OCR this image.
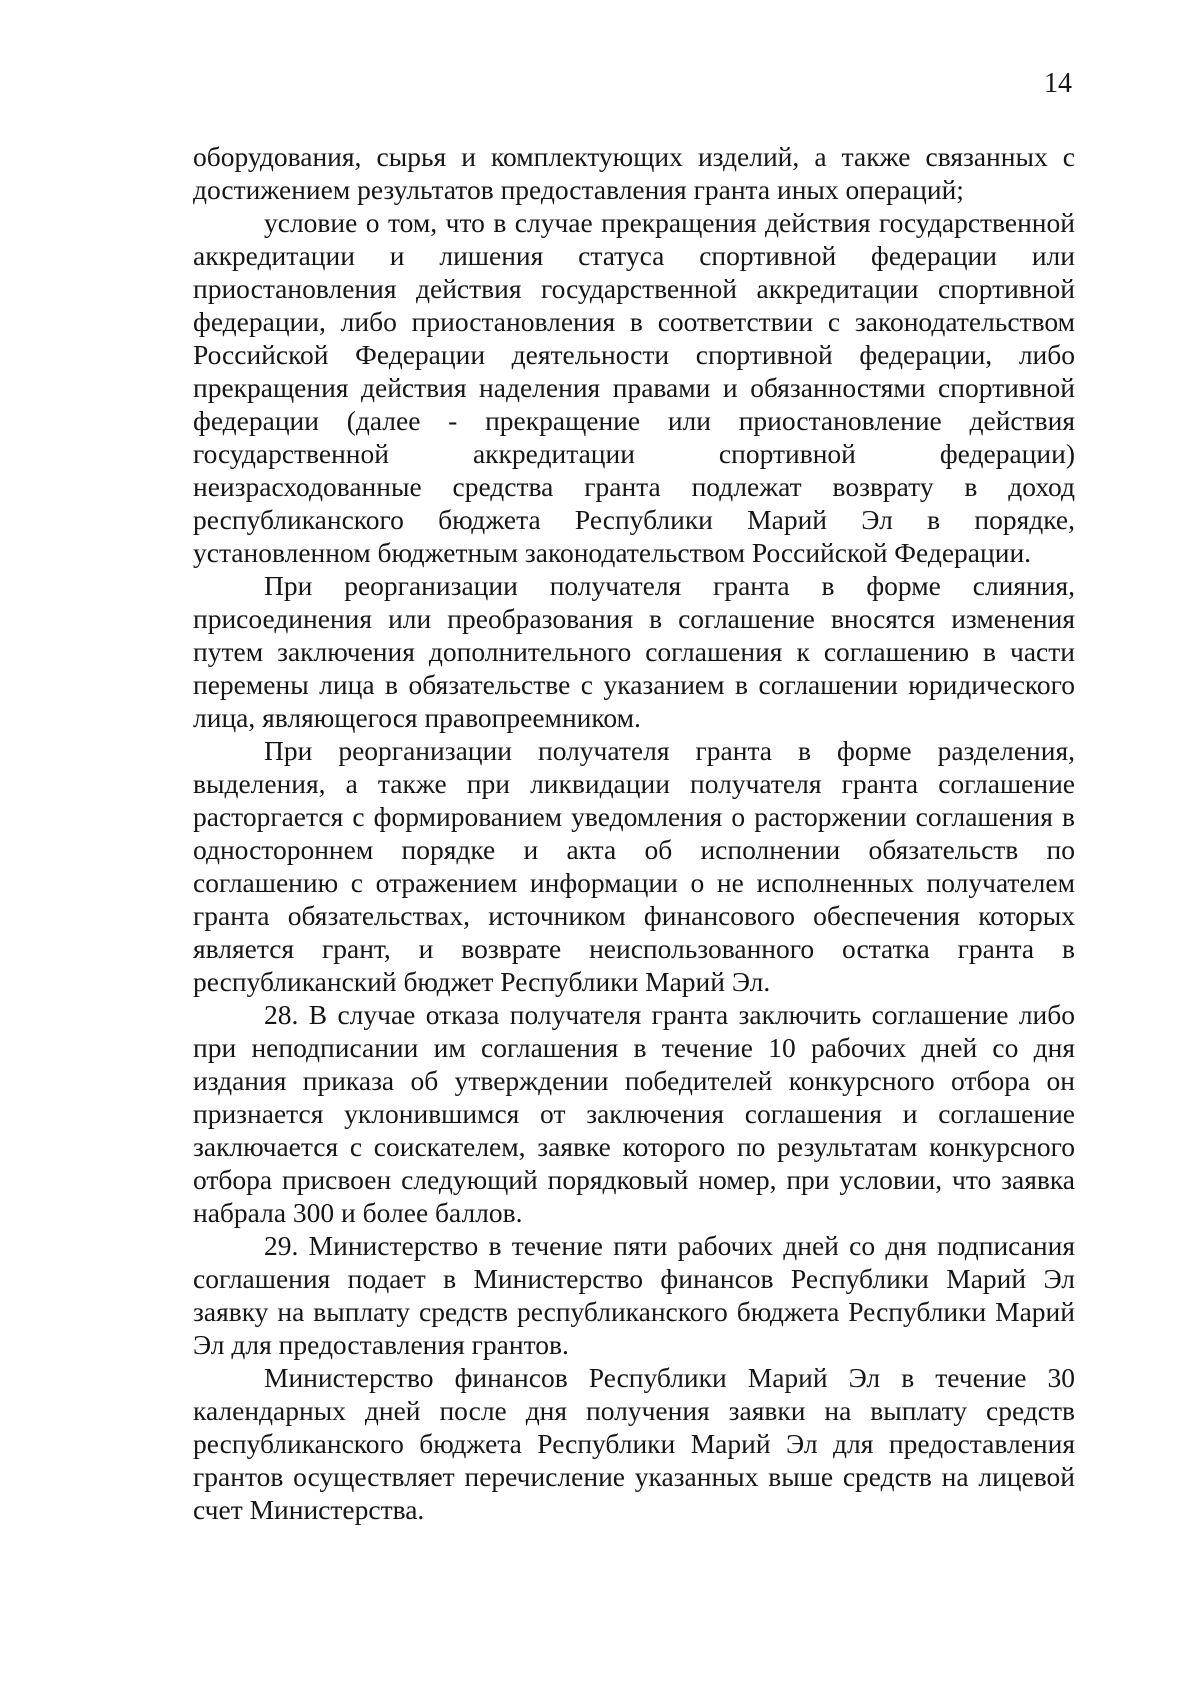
14

оборудования, сырья и комплектующих изделий, а также связанных с достижением результатов предоставления гранта иных операций;

условие о том, что в случае прекращения действия государственной аккредитации и лишения статуса спортивной федерации или приостановления действия государственной аккредитации спортивной федерации, либо приостановления в соответствии с законодательством Российской Федерации деятельности спортивной федерации, либо прекращения действия наделения правами и обязанностями спортивной федерации (далее - прекращение или приостановление действия государственной аккредитации спортивной федерации) неизрасходованные средства гранта подлежат возврату в доход республиканского бюджета Республики Марий Эл в порядке, установленном бюджетным законодательством Российской Федерации.

При реорганизации получателя гранта в форме слияния, присоединения или преобразования в соглашение вносятся изменения путем заключения дополнительного соглашения к соглашению в части перемены лица в обязательстве с указанием в соглашении юридического лица, являющегося правопреемником.

При реорганизации получателя гранта в форме разделения, выделения, а также при ликвидации получателя гранта соглашение расторгается с формированием уведомления о расторжении соглашения в одностороннем порядке и акта об исполнении обязательств по соглашению с отражением информации о не исполненных получателем гранта обязательствах, источником финансового обеспечения которых является грант, и возврате неиспользованного остатка гранта в республиканский бюджет Республики Марий Эл.

28. В случае отказа получателя гранта заключить соглашение либо при неподписании им соглашения в течение 10 рабочих дней со дня издания приказа об утверждении победителей конкурсного отбора он признается уклонившимся от заключения соглашения и соглашение заключается с соискателем, заявке которого по результатам конкурсного отбора присвоен следующий порядковый номер, при условии, что заявка набрала 300 и более баллов.

29. Министерство в течение пяти рабочих дней со дня подписания соглашения подает в Министерство финансов Республики Марий Эл заявку на выплату средств республиканского бюджета Республики Марий Эл для предоставления грантов.

Министерство финансов Республики Марий Эл в течение 30 календарных дней после дня получения заявки на выплату средств республиканского бюджета Республики Марий Эл для предоставления грантов осуществляет перечисление указанных выше средств на лицевой счет Министерства.
